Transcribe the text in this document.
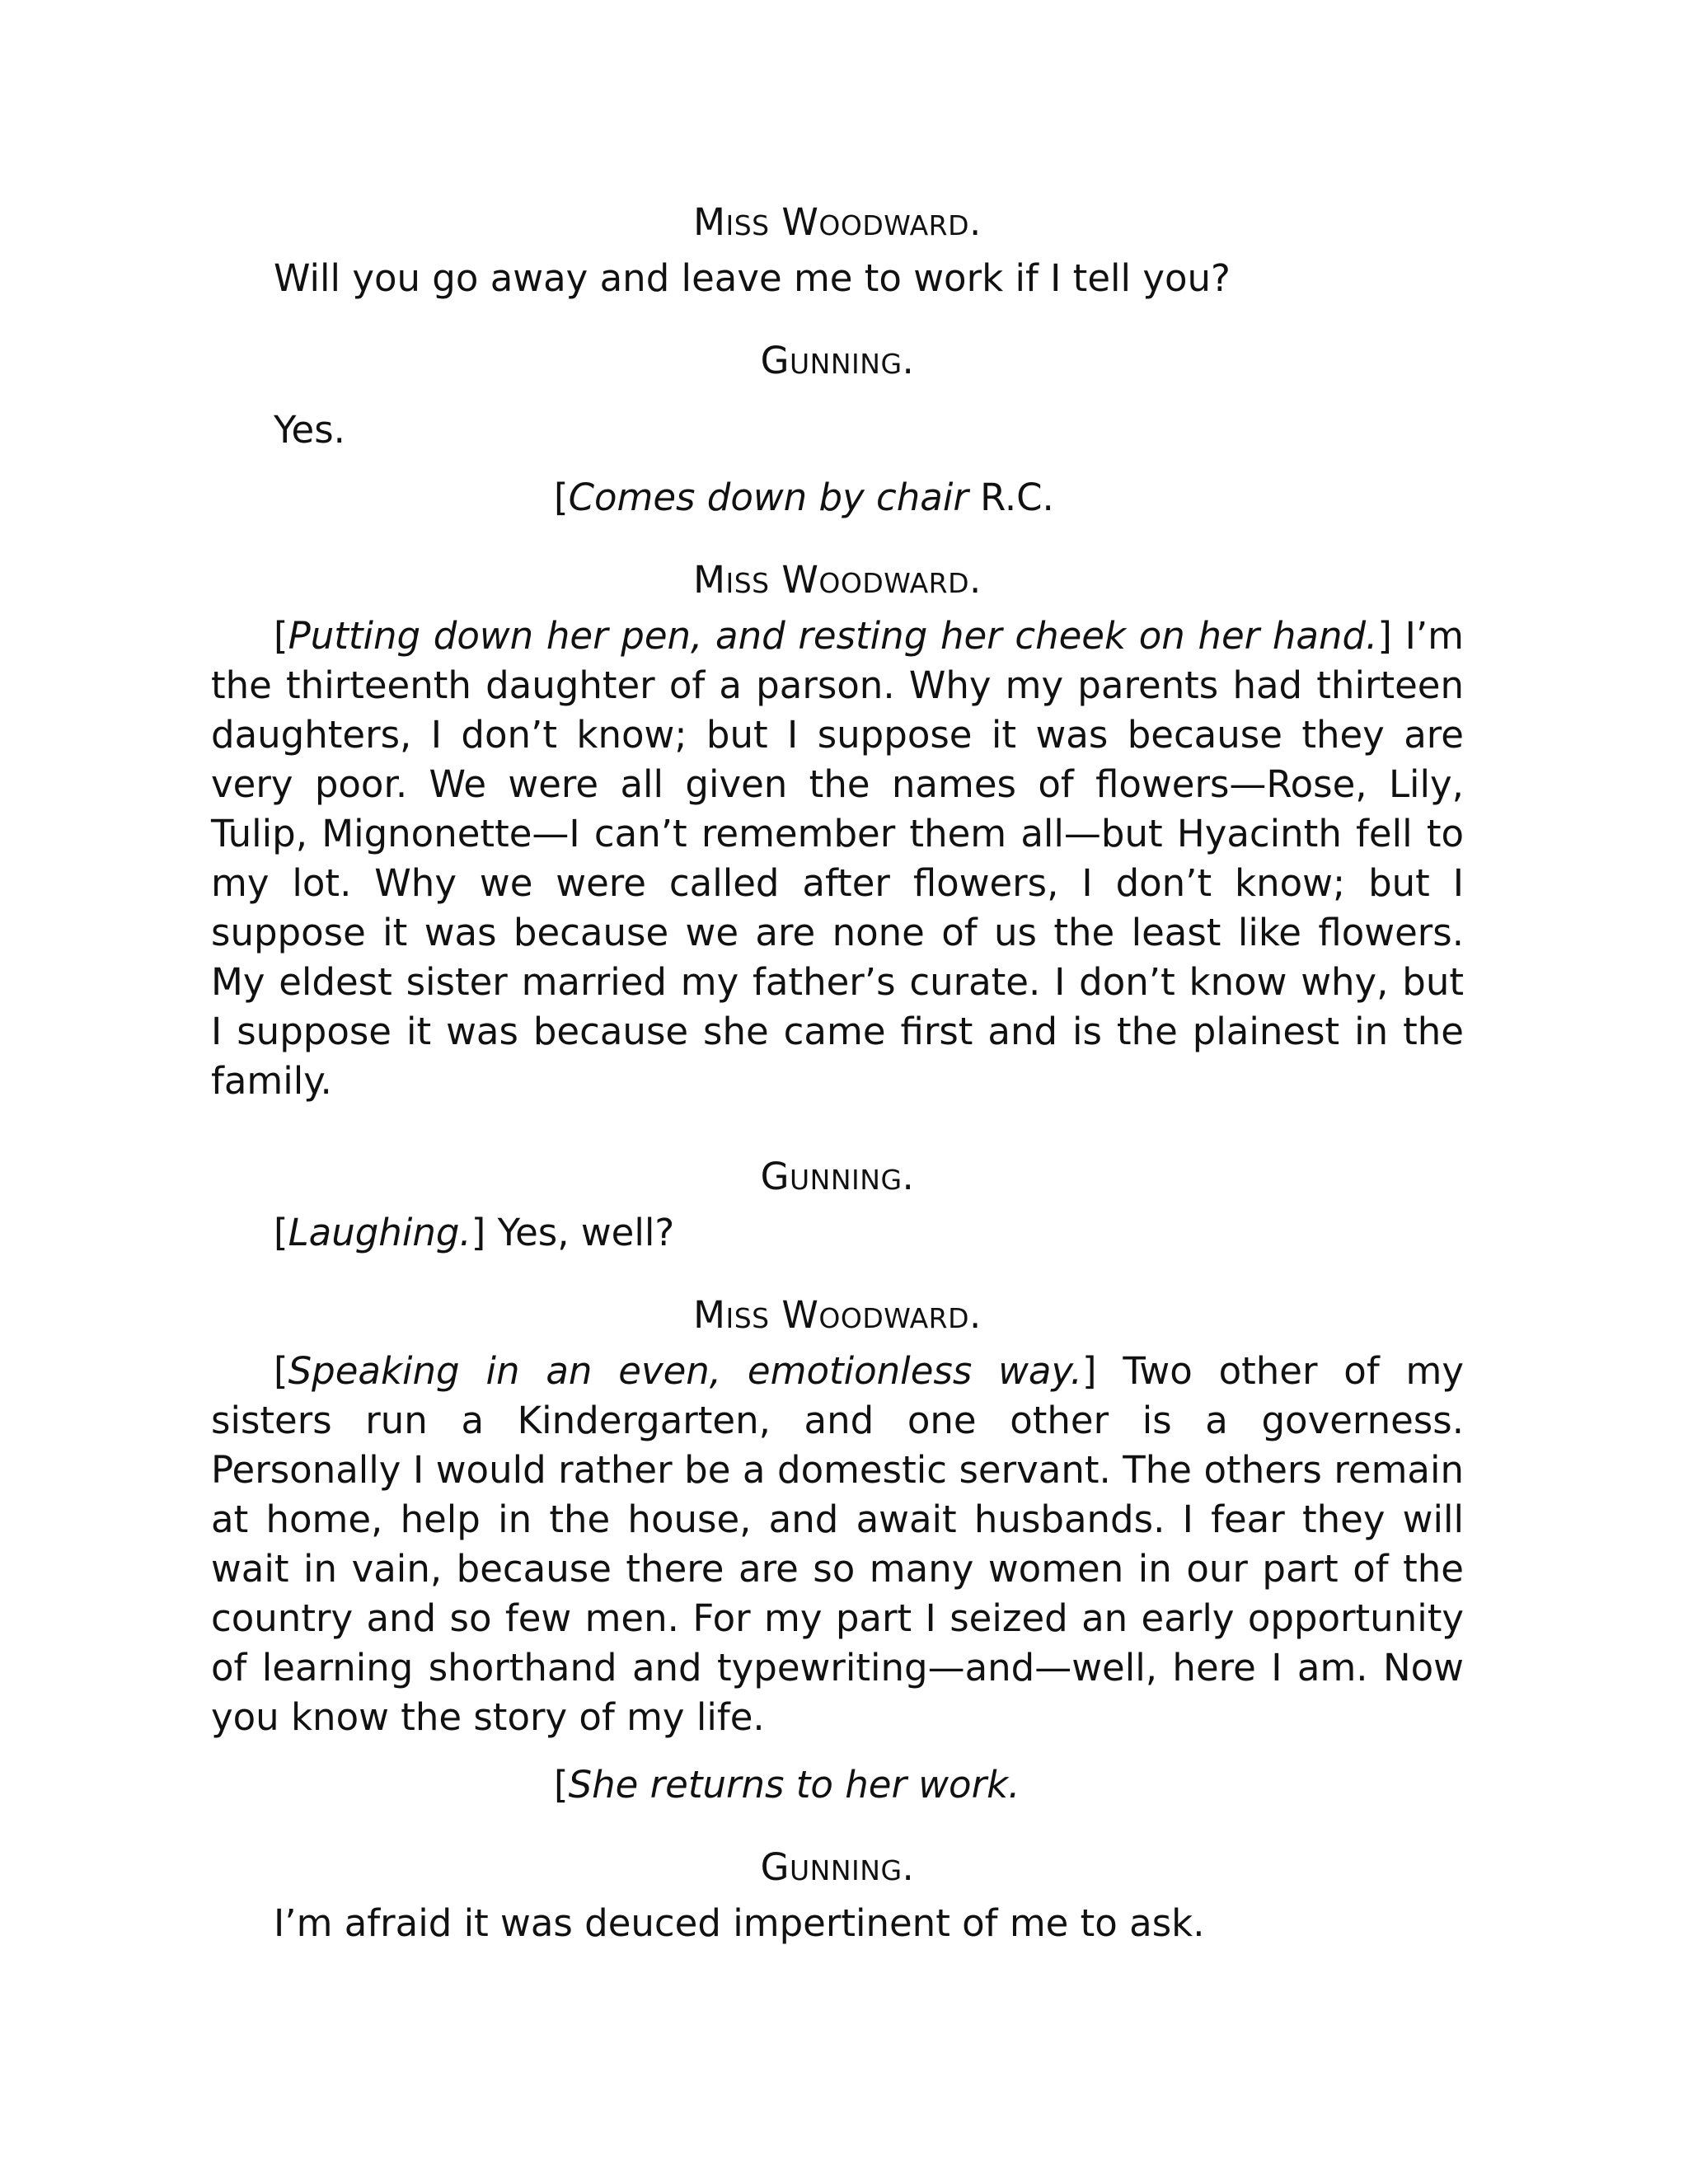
MISS WOODWARD.

Will you go away and leave me to work if I tell you?

GUNNING.

Yes.

[Comes down by chair R.C.

MISS WOODWARD.

[Putting down her pen, and resting her cheek on her hand.] I’m the thirteenth daughter of a parson. Why my parents had thirteen daughters, I don’t know; but I suppose it was because they are very poor. We were all given the names of flowers—Rose, Lily, Tulip, Mignonette—I can’t remember them all—but Hyacinth fell to my lot. Why we were called after flowers, I don’t know; but I suppose it was because we are none of us the least like flowers. My eldest sister married my father’s curate. I don’t know why, but I suppose it was because she came first and is the plainest in the family.

GUNNING.

[Laughing.] Yes, well?

MISS WOODWARD.

[Speaking in an even, emotionless way.] Two other of my sisters run a Kindergarten, and one other is a governess. Personally I would rather be a domestic servant. The others remain at home, help in the house, and await husbands. I fear they will wait in vain, because there are so many women in our part of the country and so few men. For my part I seized an early opportunity of learning shorthand and typewriting—and—well, here I am. Now you know the story of my life.

[She returns to her work.

GUNNING.

I’m afraid it was deuced impertinent of me to ask.
